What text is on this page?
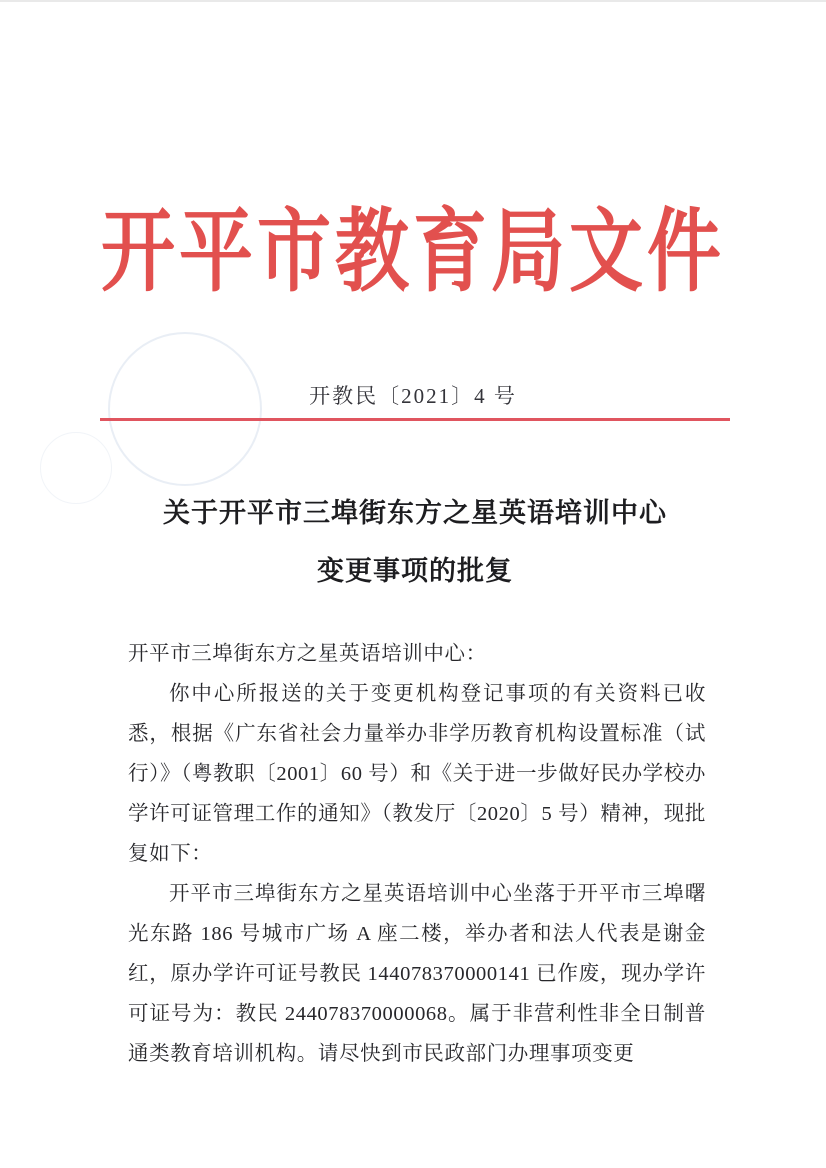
开平市教育局文件
开教民〔2021〕4 号
关于开平市三埠街东方之星英语培训中心
变更事项的批复

开平市三埠街东方之星英语培训中心：

你中心所报送的关于变更机构登记事项的有关资料已收悉，根据《广东省社会力量举办非学历教育机构设置标准（试行）》（粤教职〔2001〕60 号）和《关于进一步做好民办学校办学许可证管理工作的通知》（教发厅〔2020〕5 号）精神，现批复如下：

开平市三埠街东方之星英语培训中心坐落于开平市三埠曙光东路 186 号城市广场 A 座二楼，举办者和法人代表是谢金红，原办学许可证号教民 144078370000141 已作废，现办学许可证号为：教民 244078370000068。属于非营利性非全日制普通类教育培训机构。请尽快到市民政部门办理事项变更
